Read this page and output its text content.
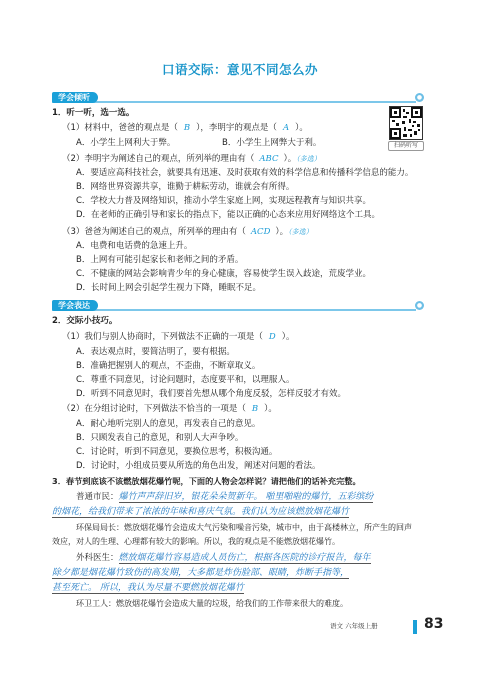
口语交际：意见不同怎么办
学会倾听	●
1．听一听，选一选。
（1）材料中，爸爸的观点是（ B ），李明宇的观点是（ A ）。
A．小学生上网利大于弊。	B．小学生上网弊大于利。
（2）李明宇为阐述自己的观点，所列举的理由有（ ABC ）。（多选）
A．要适应高科技社会，就要具有迅速、及时获取有效的科学信息和传播科学信息的能力。
B．网络世界资源共享，谁勤于耕耘劳动，谁就会有所得。
C．学校大力普及网络知识，推动小学生家庭上网，实现远程教育与知识共享。
D．在老师的正确引导和家长的指点下，能以正确的心态来应用好网络这个工具。
（3）爸爸为阐述自己的观点，所列举的理由有（ ACD ）。（多选）
A．电费和电话费的急速上升。
B．上网有可能引起家长和老师之间的矛盾。
C．不健康的网站会影响青少年的身心健康，容易使学生误入歧途，荒废学业。
D．长时间上网会引起学生视力下降，睡眠不足。
扫码听写
学会表达	●
2．交际小技巧。
（1）我们与别人协商时，下列做法不正确的一项是（ D ）。
A．表达观点时，要简洁明了，要有根据。
B．准确把握别人的观点，不歪曲，不断章取义。
C．尊重不同意见，讨论问题时，态度要平和，以理服人。
D．听到不同意见时，我们要首先想从哪个角度反驳，怎样反驳才有效。
（2）在分组讨论时，下列做法不恰当的一项是（ B ）。
A．耐心地听完别人的意见，再发表自己的意见。
B．只顾发表自己的意见，和别人大声争吵。
C．讨论时，听到不同意见，要换位思考，积极沟通。
D．讨论时，小组成员要从所选的角色出发，阐述对问题的看法。
3．春节到底该不该燃放烟花爆竹呢，下面的人物会怎样说？请把他们的话补充完整。
普通市民：爆竹声声辞旧岁，银花朵朵贺新年。 啪里啪啦的爆竹，五彩缤纷
的烟花，给我们带来了浓浓的年味和喜庆气氛。我们认为应该燃放烟花爆竹
环保局局长：燃放烟花爆竹会造成大气污染和噪音污染，城市中，由于高楼林立，所产生的回声
效应，对人的生理、心理都有较大的影响。所以，我的观点是不能燃放烟花爆竹。
外科医生：燃放烟花爆竹容易造成人员伤亡，根据各医院的诊疗报告，每年
除夕都是烟花爆竹致伤的高发期，大多都是炸伤脸部、眼睛，炸断手指等，
甚至死亡。 所以，我认为尽量不要燃放烟花爆竹
环卫工人：燃放烟花爆竹会造成大量的垃圾，给我们的工作带来很大的难度。
语文 六年级上册	83
